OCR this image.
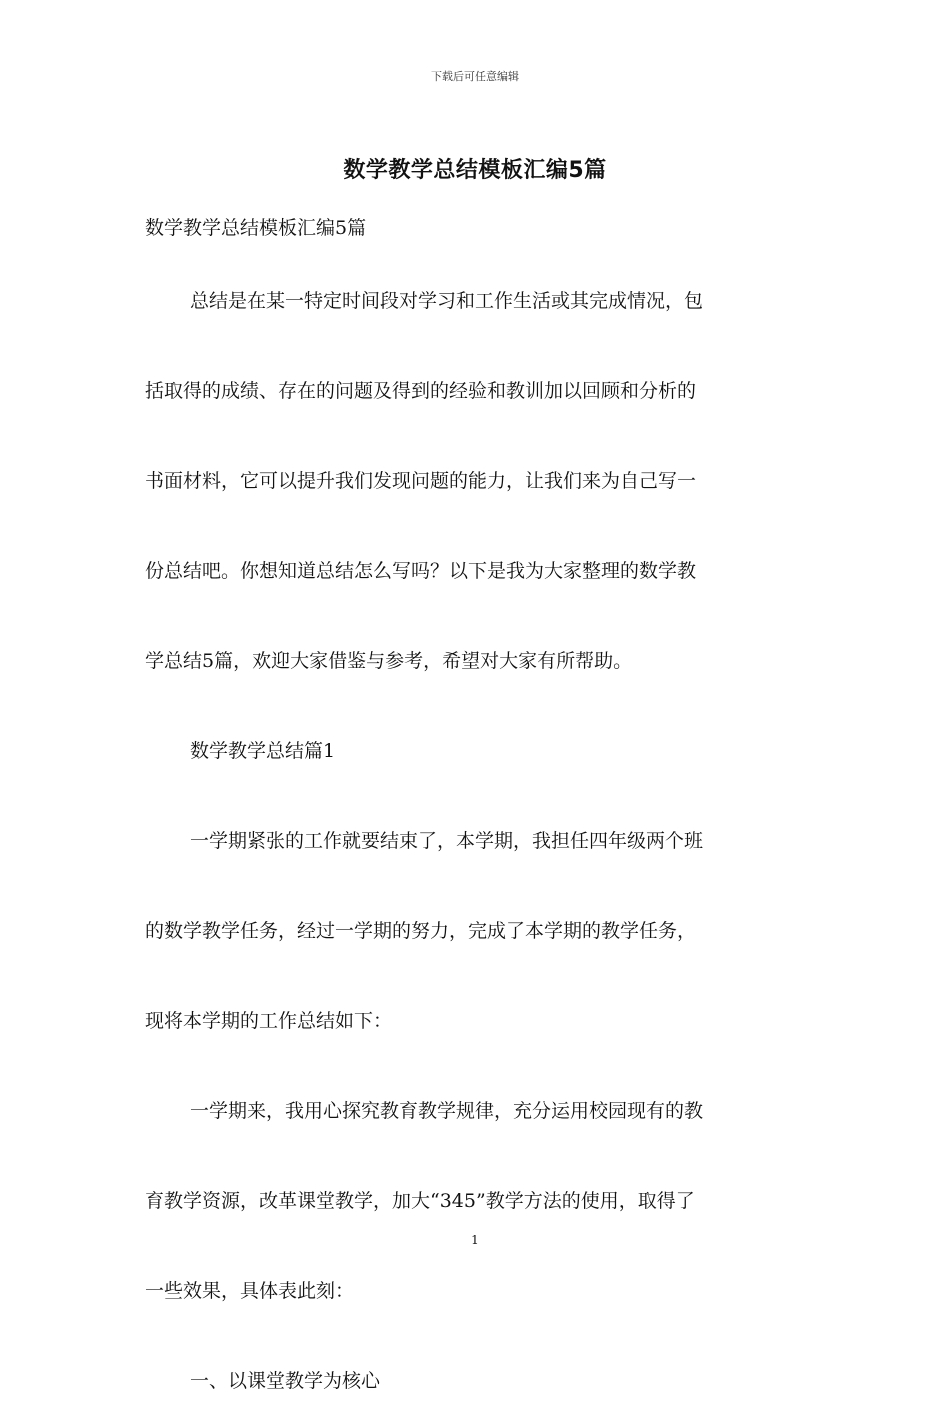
下载后可任意编辑
数学教学总结模板汇编5篇
数学教学总结模板汇编5篇
总结是在某一特定时间段对学习和工作生活或其完成情况，包
括取得的成绩、存在的问题及得到的经验和教训加以回顾和分析的
书面材料，它可以提升我们发现问题的能力，让我们来为自己写一
份总结吧。你想知道总结怎么写吗？以下是我为大家整理的数学教
学总结5篇，欢迎大家借鉴与参考，希望对大家有所帮助。
数学教学总结篇1
一学期紧张的工作就要结束了，本学期，我担任四年级两个班
的数学教学任务，经过一学期的努力，完成了本学期的教学任务，
现将本学期的工作总结如下：
一学期来，我用心探究教育教学规律，充分运用校园现有的教
育教学资源，改革课堂教学，加大“345”教学方法的使用，取得了
一些效果，具体表此刻：
一、以课堂教学为核心
1
